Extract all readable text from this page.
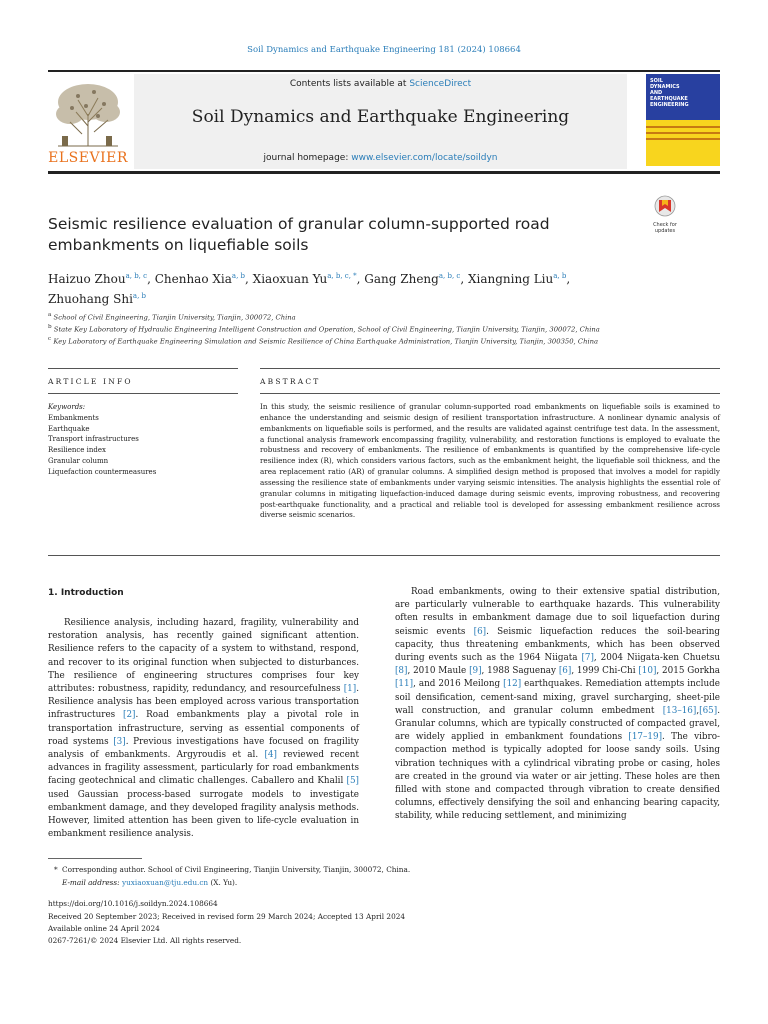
Soil Dynamics and Earthquake Engineering 181 (2024) 108664
ELSEVIER
Contents lists available at ScienceDirect
Soil Dynamics and Earthquake Engineering
journal homepage: www.elsevier.com/locate/soildyn
SOIL
DYNAMICS
AND
EARTHQUAKE
ENGINEERING
Seismic resilience evaluation of granular column-supported road embankments on liquefiable soils
Check for
updates
Haizuo Zhou$^{a, b, c}$, Chenhao Xia$^{a, b}$, Xiaoxuan $Yu^{a, b, c, *}$, Gang Zheng$^{a, b, c}$, Xiangning Liu$^{a, b}$,
Zhuohang Shi$^{a, b}$
$^a$ School of Civil Engineering, Tianjin University, Tianjin, 300072, China
$^b$ State Key Laboratory of Hydraulic Engineering Intelligent Construction and Operation, School of Civil Engineering, Tianjin University, Tianjin, 300072, China
$^c$ Key Laboratory of Earthquake Engineering Simulation and Seismic Resilience of China Earthquake Administration, Tianjin University, Tianjin, 300350, China
ARTICLE INFO	ABSTRACT
Keywords:
Embankments
Earthquake
Transport infrastructures
Resilience index
Granular column
Liquefaction countermeasures
In this study, the seismic resilience of granular column-supported road embankments on liquefiable soils is examined to enhance the understanding and seismic design of resilient transportation infrastructure. A nonlinear dynamic analysis of embankments on liquefiable soils is performed, and the results are validated against centrifuge test data. In the assessment, a functional analysis framework encompassing fragility, vulnerability, and restoration functions is employed to evaluate the robustness and recovery of embankments. The resilience of embankments is quantified by the comprehensive life-cycle resilience index (R), which considers various factors, such as the embankment height, the liquefiable soil thickness, and the area replacement ratio (AR) of granular columns. A simplified design method is proposed that involves a model for rapidly assessing the resilience state of embankments under varying seismic intensities. The analysis highlights the essential role of granular columns in mitigating liquefaction-induced damage during seismic events, improving robustness, and recovering post-earthquake functionality, and a practical and reliable tool is developed for assessing embankment resilience across diverse seismic scenarios.
1. Introduction

Resilience analysis, including hazard, fragility, vulnerability and restoration analysis, has recently gained significant attention. Resilience refers to the capacity of a system to withstand, respond, and recover to its original function when subjected to disturbances. The resilience of engineering structures comprises four key attributes: robustness, rapidity, redundancy, and resourcefulness [1]. Resilience analysis has been employed across various transportation infrastructures [2]. Road embankments play a pivotal role in transportation infrastructure, serving as essential components of road systems [3]. Previous investigations have focused on fragility analysis of embankments. Argyroudis et al. [4] reviewed recent advances in fragility assessment, particularly for road embankments facing geotechnical and climatic challenges. Caballero and Khalil [5] used Gaussian process-based surrogate models to investigate embankment damage, and they developed fragility analysis methods. However, limited attention has been given to life-cycle evaluation in embankment resilience analysis.

Road embankments, owing to their extensive spatial distribution, are particularly vulnerable to earthquake hazards. This vulnerability often results in embankment damage due to soil liquefaction during seismic events [6]. Seismic liquefaction reduces the soil-bearing capacity, thus threatening embankments, which has been observed during events such as the 1964 Niigata [7], 2004 Niigata-ken Chuetsu [8], 2010 Maule [9], 1988 Saguenay [6], 1999 Chi-Chi [10], 2015 Gorkha [11], and 2016 Meilong [12] earthquakes. Remediation attempts include soil densification, cement-sand mixing, gravel surcharging, sheet-pile wall construction, and granular column embedment [13–16],[65]. Granular columns, which are typically constructed of compacted gravel, are widely applied in embankment foundations [17–19]. The vibro-compaction method is typically adopted for loose sandy soils. Using vibration techniques with a cylindrical vibrating probe or casing, holes are created in the ground via water or air jetting. These holes are then filled with stone and compacted through vibration to create densified columns, effectively densifying the soil and enhancing bearing capacity, stability, while reducing settlement, and minimizing

* Corresponding author. School of Civil Engineering, Tianjin University, Tianjin, 300072, China.
E-mail address: yuxiaoxuan@tju.edu.cn (X. Yu).
https://doi.org/10.1016/j.soildyn.2024.108664
Received 20 September 2023; Received in revised form 29 March 2024; Accepted 13 April 2024
Available online 24 April 2024
0267-7261/© 2024 Elsevier Ltd. All rights reserved.
